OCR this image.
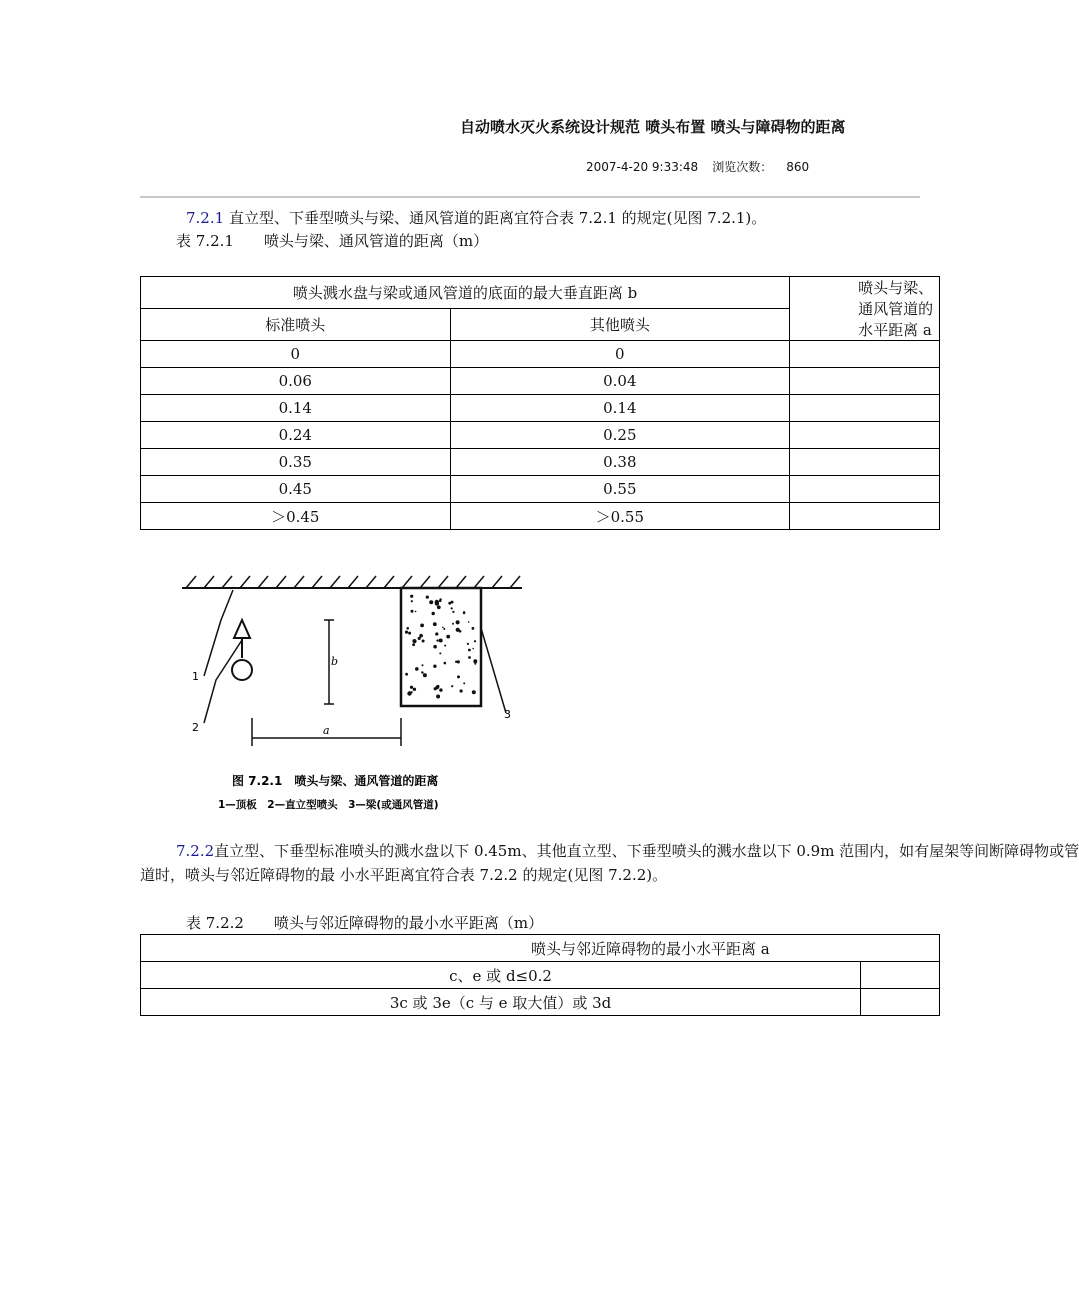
自动喷水灭火系统设计规范 喷头布置 喷头与障碍物的距离
2007-4-20 9:33:48 浏览次数： 860
7.2.1 直立型、下垂型喷头与梁、通风管道的距离宜符合表 7.2.1 的规定(见图 7.2.1)。
表 7.2.1　　喷头与梁、通风管道的距离（m）
喷头溅水盘与梁或通风管道的底面的最大垂直距离 b		喷头与梁、通风管道的水平距离 a
标准喷头	其他喷头	
0	0	
0.06	0.04	
0.14	0.14	
0.24	0.25	
0.35	0.38	
0.45	0.55	
＞0.45	＞0.55	
b
a
1
2
3
图 7.2.1　喷头与梁、通风管道的距离
1—顶板　2—直立型喷头　3—梁(或通风管道)
7.2.2直立型、下垂型标准喷头的溅水盘以下 0.45m、其他直立型、下垂型喷头的溅水盘以下 0.9m 范围内，如有屋架等间断障碍物或管
道时，喷头与邻近障碍物的最 小水平距离宜符合表 7.2.2 的规定(见图 7.2.2)。
表 7.2.2　　喷头与邻近障碍物的最小水平距离（m）
喷头与邻近障碍物的最小水平距离 a	
c、e 或 d≤0.2	
3c 或 3e（c 与 e 取大值）或 3d	
